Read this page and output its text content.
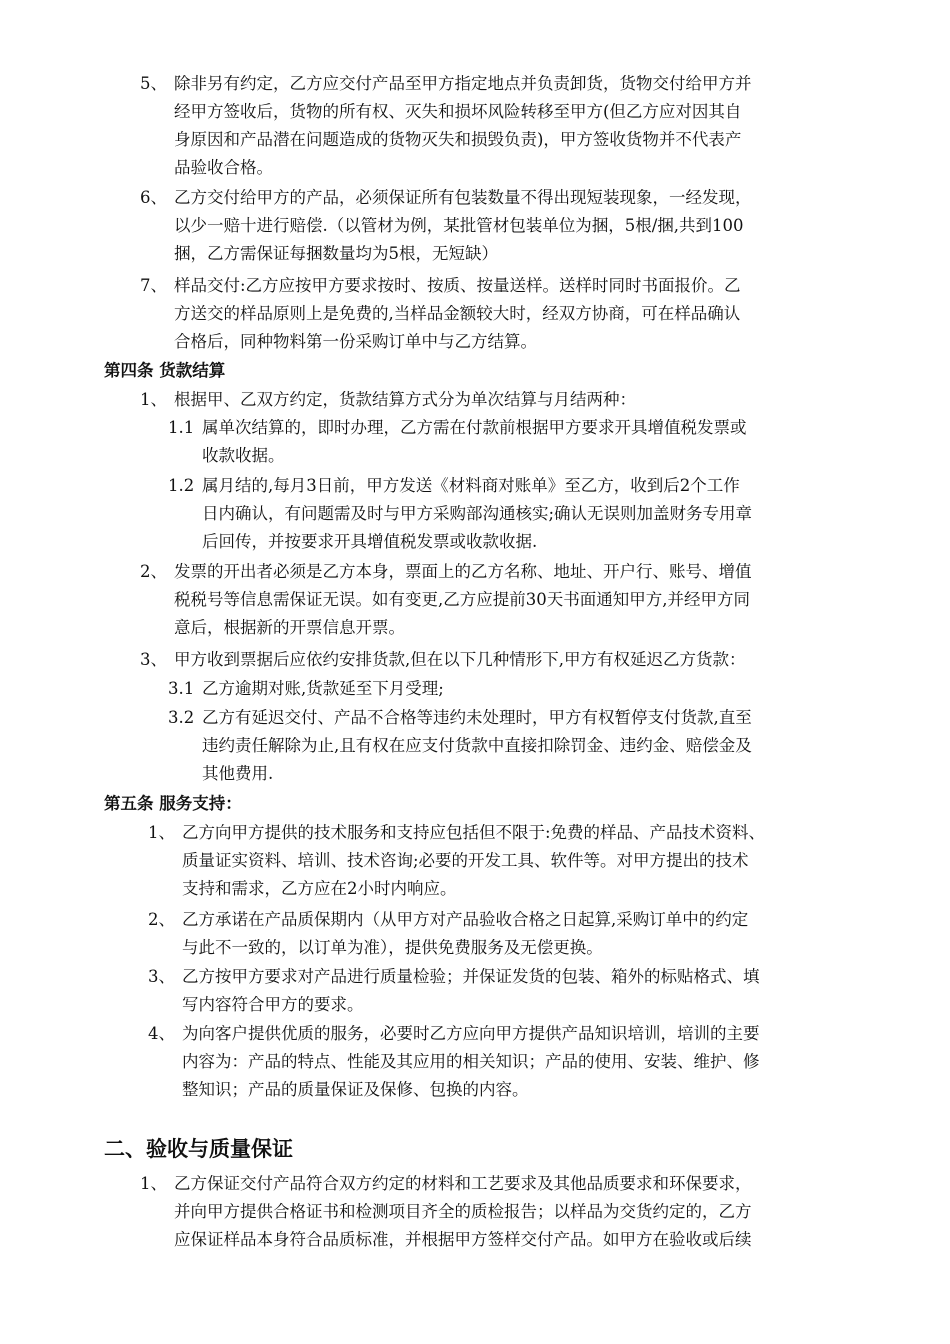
5、 除非另有约定，乙方应交付产品至甲方指定地点并负责卸货，货物交付给甲方并
经甲方签收后，货物的所有权、灭失和损坏风险转移至甲方(但乙方应对因其自
身原因和产品潜在问题造成的货物灭失和损毁负责)，甲方签收货物并不代表产
品验收合格。
6、 乙方交付给甲方的产品，必须保证所有包装数量不得出现短装现象，一经发现，
以少一赔十进行赔偿.（以管材为例，某批管材包装单位为捆，5根/捆,共到100
捆，乙方需保证每捆数量均为5根，无短缺）
7、 样品交付:乙方应按甲方要求按时、按质、按量送样。送样时同时书面报价。乙
方送交的样品原则上是免费的,当样品金额较大时，经双方协商，可在样品确认
合格后，同种物料第一份采购订单中与乙方结算。
第四条 货款结算
1、 根据甲、乙双方约定，货款结算方式分为单次结算与月结两种：
1.1 属单次结算的，即时办理，乙方需在付款前根据甲方要求开具增值税发票或
收款收据。
1.2 属月结的,每月3日前，甲方发送《材料商对账单》至乙方，收到后2个工作
日内确认，有问题需及时与甲方采购部沟通核实;确认无误则加盖财务专用章
后回传，并按要求开具增值税发票或收款收据.
2、 发票的开出者必须是乙方本身，票面上的乙方名称、地址、开户行、账号、增值
税税号等信息需保证无误。如有变更,乙方应提前30天书面通知甲方,并经甲方同
意后，根据新的开票信息开票。
3、 甲方收到票据后应依约安排货款,但在以下几种情形下,甲方有权延迟乙方货款：
3.1 乙方逾期对账,货款延至下月受理;
3.2 乙方有延迟交付、产品不合格等违约未处理时，甲方有权暂停支付货款,直至
违约责任解除为止,且有权在应支付货款中直接扣除罚金、违约金、赔偿金及
其他费用.
第五条 服务支持：
1、 乙方向甲方提供的技术服务和支持应包括但不限于:免费的样品、产品技术资料、
质量证实资料、培训、技术咨询;必要的开发工具、软件等。对甲方提出的技术
支持和需求，乙方应在2小时内响应。
2、 乙方承诺在产品质保期内（从甲方对产品验收合格之日起算,采购订单中的约定
与此不一致的，以订单为准），提供免费服务及无偿更换。
3、 乙方按甲方要求对产品进行质量检验；并保证发货的包装、箱外的标贴格式、填
写内容符合甲方的要求。
4、 为向客户提供优质的服务，必要时乙方应向甲方提供产品知识培训，培训的主要
内容为：产品的特点、性能及其应用的相关知识；产品的使用、安装、维护、修
整知识；产品的质量保证及保修、包换的内容。
二、验收与质量保证
1、 乙方保证交付产品符合双方约定的材料和工艺要求及其他品质要求和环保要求，
并向甲方提供合格证书和检测项目齐全的质检报告；以样品为交货约定的，乙方
应保证样品本身符合品质标准，并根据甲方签样交付产品。如甲方在验收或后续
